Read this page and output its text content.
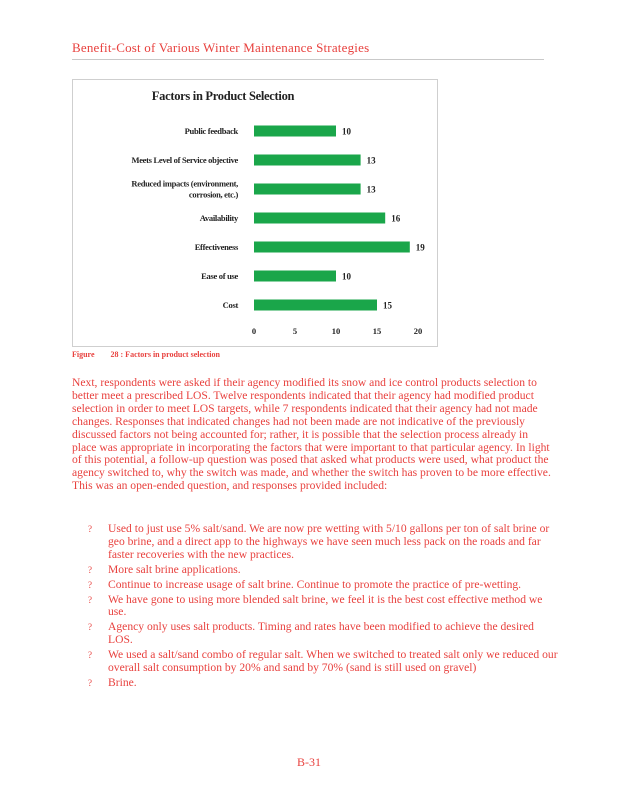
Benefit-Cost of Various Winter Maintenance Strategies
Factors in Product Selection
Public feedback	10
Meets Level of Service objective	13
Reduced impacts (environment,
corrosion, etc.)	13
Availability	16
Effectiveness	19
Ease of use	10
Cost	15
0	5	10	15	20
Figure 28 : Factors in product selection
Next, respondents were asked if their agency modified its snow and ice control products selection to better meet a prescribed LOS. Twelve respondents indicated that their agency had modified product selection in order to meet LOS targets, while 7 respondents indicated that their agency had not made changes. Responses that indicated changes had not been made are not indicative of the previously discussed factors not being accounted for; rather, it is possible that the selection process already in place was appropriate in incorporating the factors that were important to that particular agency. In light of this potential, a follow-up question was posed that asked what products were used, what product the agency switched to, why the switch was made, and whether the switch has proven to be more effective. This was an open-ended question, and responses provided included:
? Used to just use 5% salt/sand. We are now pre wetting with 5/10 gallons per ton of salt brine or geo brine, and a direct app to the highways we have seen much less pack on the roads and far faster recoveries with the new practices.
? More salt brine applications.
? Continue to increase usage of salt brine. Continue to promote the practice of pre-wetting.
? We have gone to using more blended salt brine, we feel it is the best cost effective method we use.
? Agency only uses salt products. Timing and rates have been modified to achieve the desired LOS.
? We used a salt/sand combo of regular salt. When we switched to treated salt only we reduced our overall salt consumption by 20% and sand by 70% (sand is still used on gravel)
? Brine.
B-31
